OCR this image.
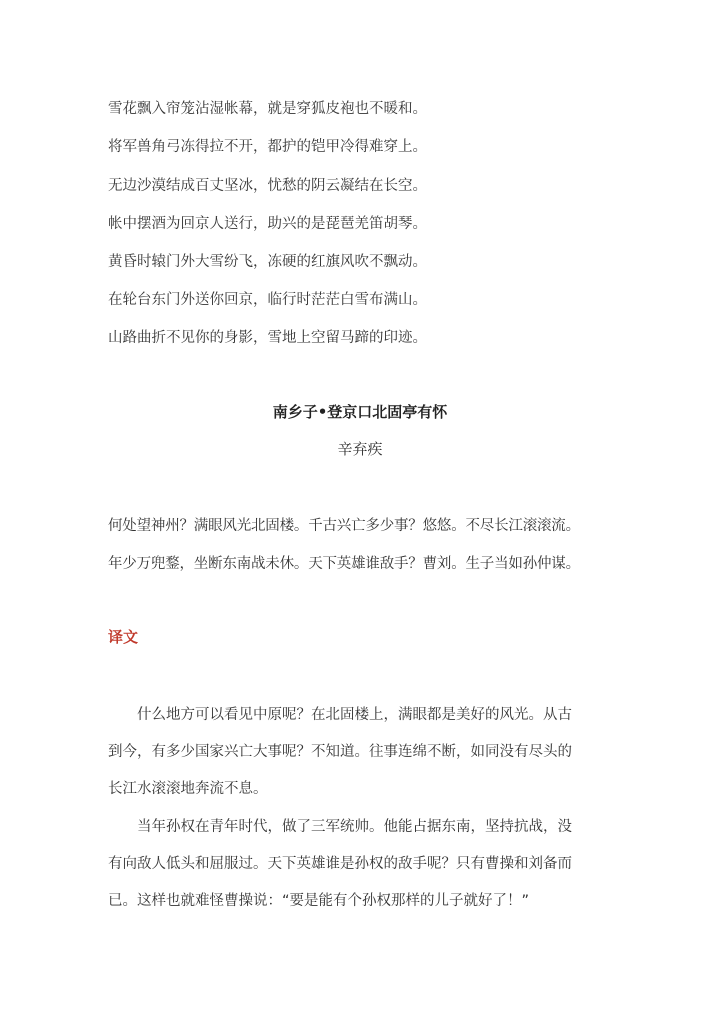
雪花飘入帘笼沾湿帐幕，就是穿狐皮袍也不暖和。
将军兽角弓冻得拉不开，都护的铠甲冷得难穿上。
无边沙漠结成百丈坚冰，忧愁的阴云凝结在长空。
帐中摆酒为回京人送行，助兴的是琵琶羌笛胡琴。
黄昏时辕门外大雪纷飞，冻硬的红旗风吹不飘动。
在轮台东门外送你回京，临行时茫茫白雪布满山。
山路曲折不见你的身影，雪地上空留马蹄的印迹。
南乡子•登京口北固亭有怀
辛弃疾
何处望神州？满眼风光北固楼。千古兴亡多少事？悠悠。不尽长江滚滚流。
年少万兜鍪，坐断东南战未休。天下英雄谁敌手？曹刘。生子当如孙仲谋。
译文
　　什么地方可以看见中原呢？在北固楼上，满眼都是美好的风光。从古
到今，有多少国家兴亡大事呢？不知道。往事连绵不断，如同没有尽头的
长江水滚滚地奔流不息。
　　当年孙权在青年时代，做了三军统帅。他能占据东南，坚持抗战，没
有向敌人低头和屈服过。天下英雄谁是孙权的敌手呢？只有曹操和刘备而
已。这样也就难怪曹操说：“要是能有个孙权那样的儿子就好了！”
